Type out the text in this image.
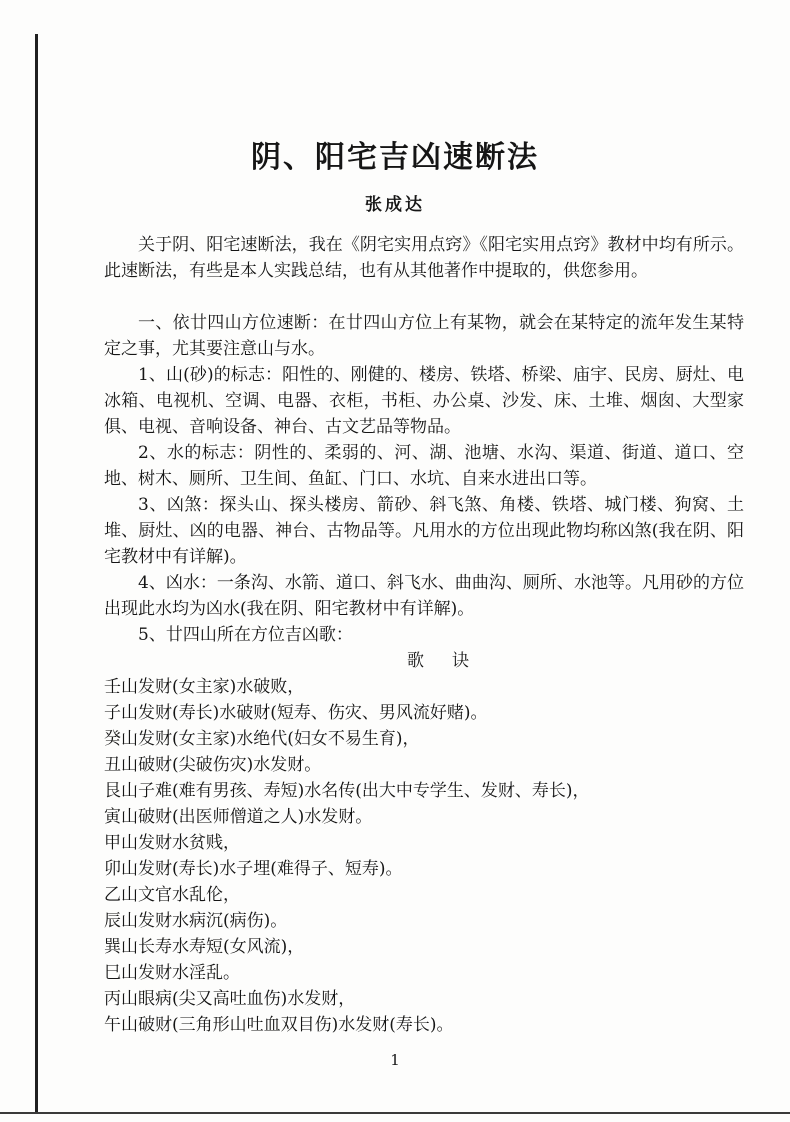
阴、阳宅吉凶速断法
张成达

关于阴、阳宅速断法，我在《阴宅实用点窍》《阳宅实用点窍》教材中均有所示。此速断法，有些是本人实践总结，也有从其他著作中提取的，供您参用。

一、依廿四山方位速断：在廿四山方位上有某物，就会在某特定的流年发生某特定之事，尤其要注意山与水。

1、山(砂)的标志：阳性的、刚健的、楼房、铁塔、桥梁、庙宇、民房、厨灶、电冰箱、电视机、空调、电器、衣柜，书柜、办公桌、沙发、床、土堆、烟囱、大型家俱、电视、音响设备、神台、古文艺品等物品。

2、水的标志：阴性的、柔弱的、河、湖、池塘、水沟、渠道、街道、道口、空地、树木、厕所、卫生间、鱼缸、门口、水坑、自来水进出口等。

3、凶煞：探头山、探头楼房、箭砂、斜飞煞、角楼、铁塔、城门楼、狗窝、土堆、厨灶、凶的电器、神台、古物品等。凡用水的方位出现此物均称凶煞(我在阴、阳宅教材中有详解)。

4、凶水：一条沟、水箭、道口、斜飞水、曲曲沟、厕所、水池等。凡用砂的方位出现此水均为凶水(我在阴、阳宅教材中有详解)。

5、廿四山所在方位吉凶歌：

歌诀

壬山发财(女主家)水破败，
子山发财(寿长)水破财(短寿、伤灾、男风流好赌)。
癸山发财(女主家)水绝代(妇女不易生育)，
丑山破财(尖破伤灾)水发财。
艮山子难(难有男孩、寿短)水名传(出大中专学生、发财、寿长)，
寅山破财(出医师僧道之人)水发财。
甲山发财水贫贱，
卯山发财(寿长)水子埋(难得子、短寿)。
乙山文官水乱伦，
辰山发财水病沉(病伤)。
巽山长寿水寿短(女风流)，
巳山发财水淫乱。
丙山眼病(尖又高吐血伤)水发财，
午山破财(三角形山吐血双目伤)水发财(寿长)。
1
